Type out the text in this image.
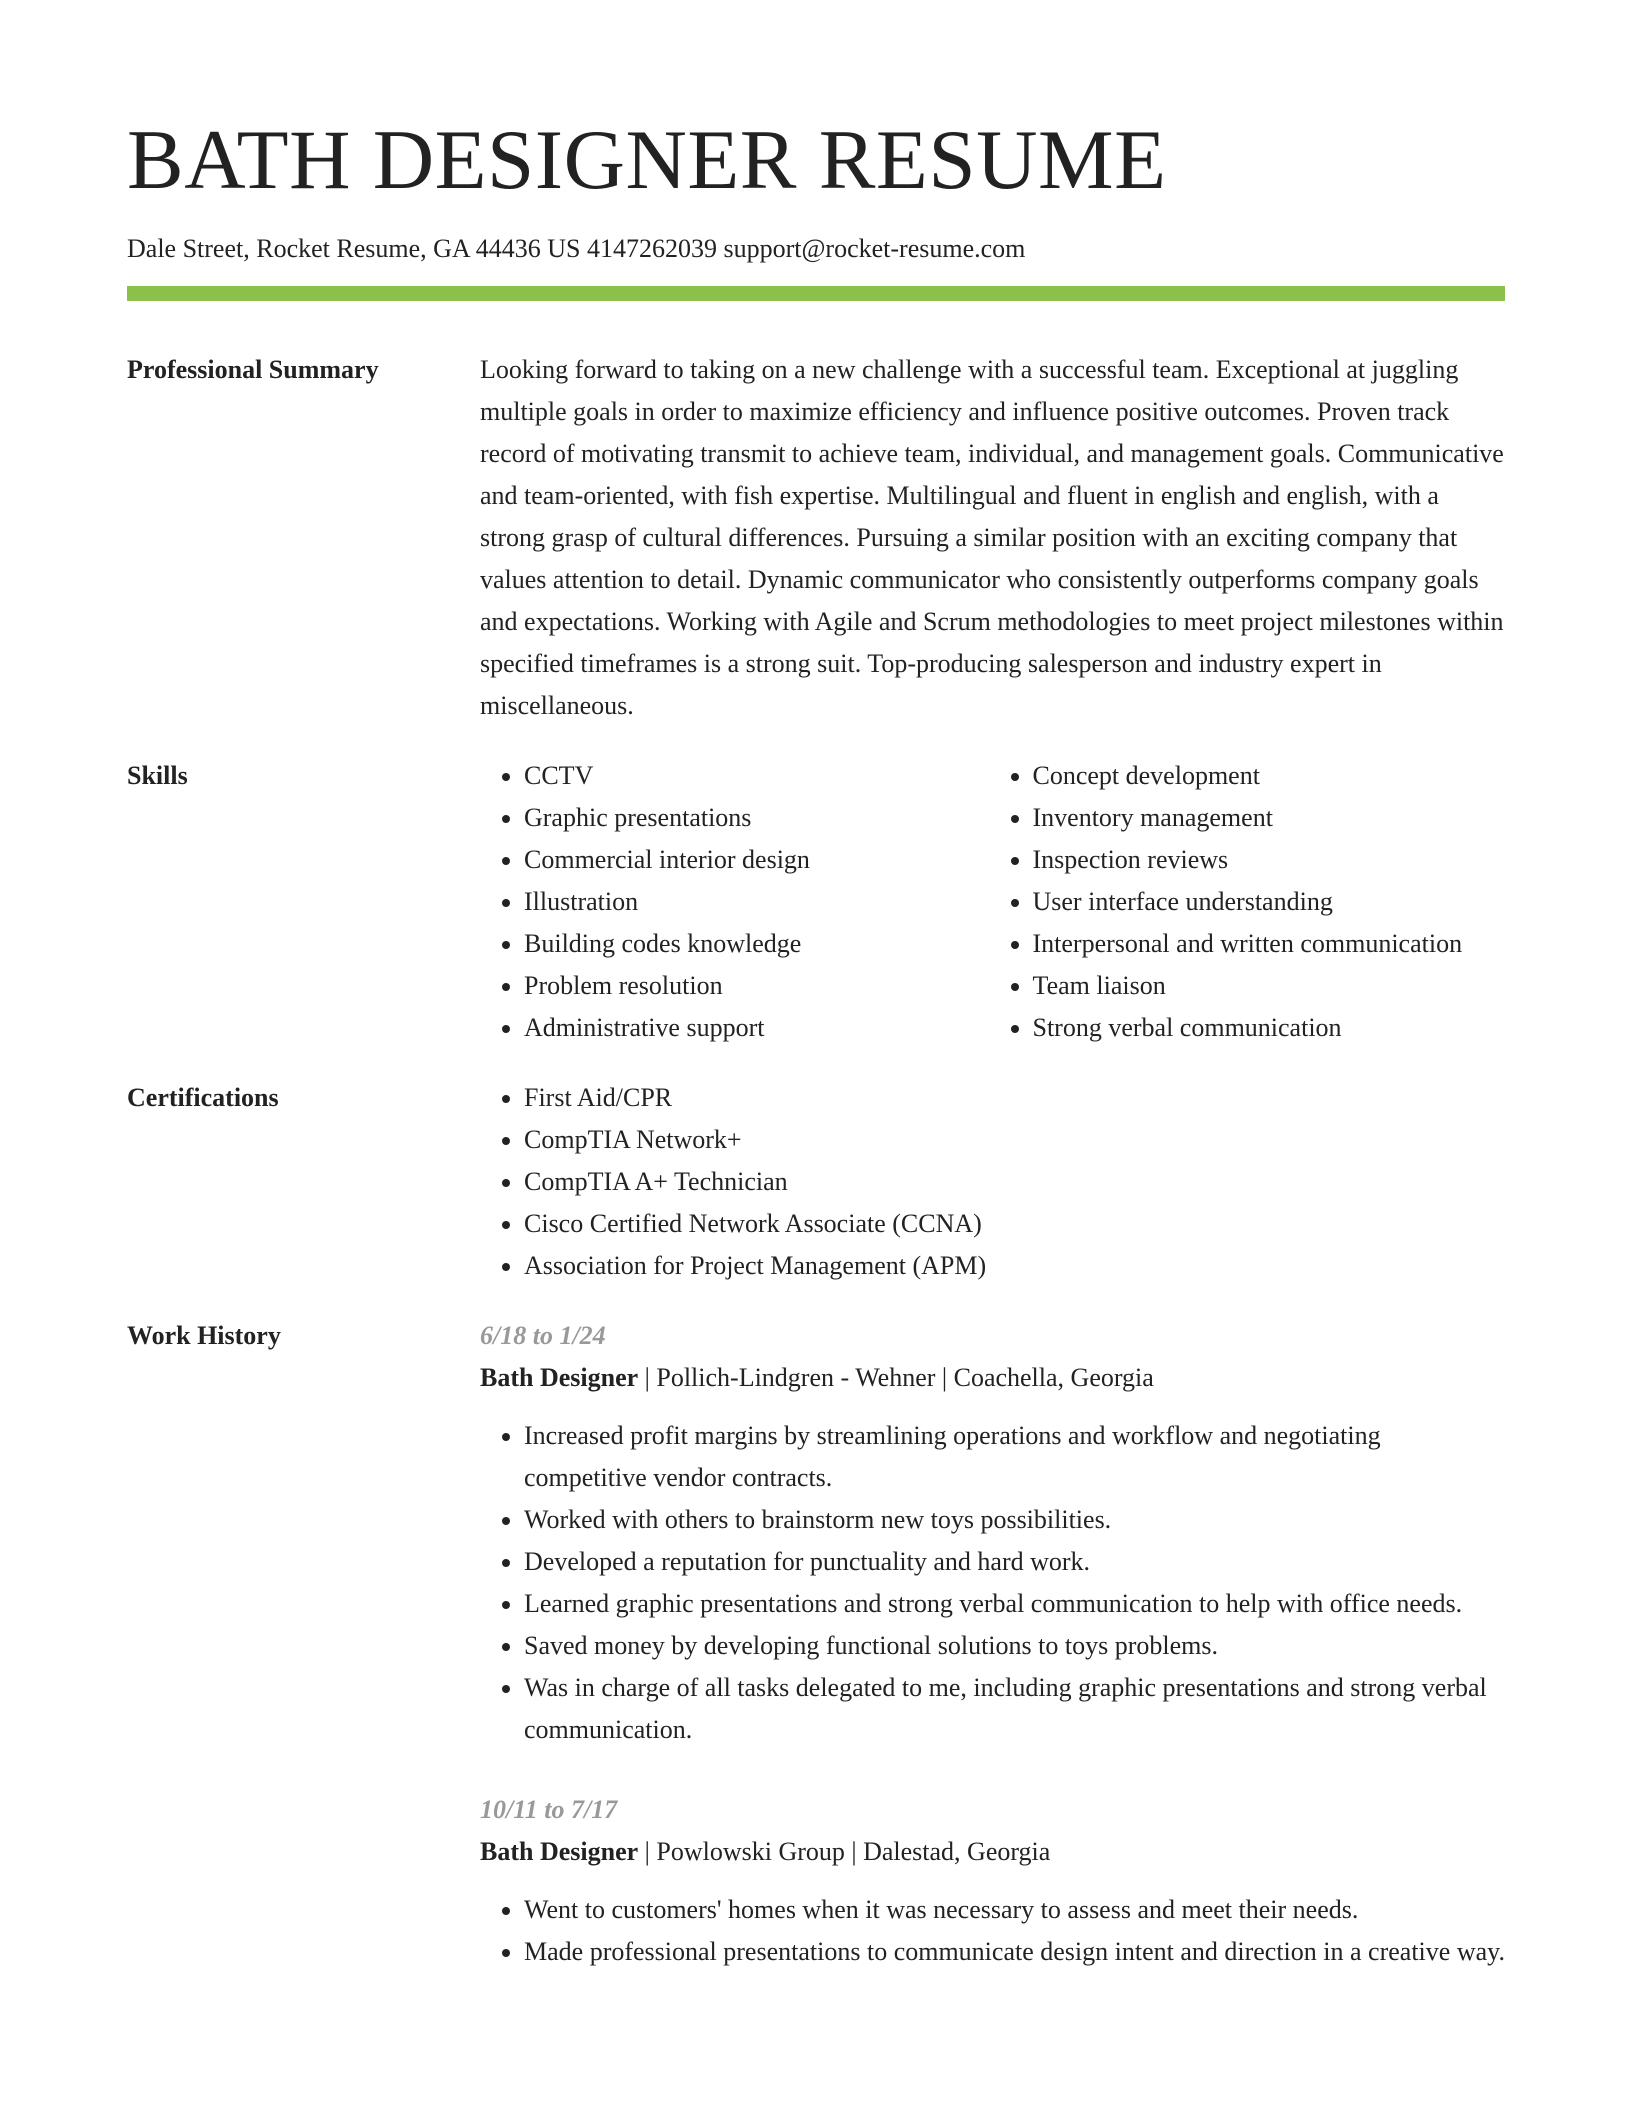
BATH DESIGNER RESUME
Dale Street, Rocket Resume, GA 44436 US 4147262039 support@rocket-resume.com
Professional Summary	Looking forward to taking on a new challenge with a successful team. Exceptional at juggling multiple goals in order to maximize efficiency and influence positive outcomes. Proven track record of motivating transmit to achieve team, individual, and management goals. Communicative and team-oriented, with fish expertise. Multilingual and fluent in english and english, with a strong grasp of cultural differences. Pursuing a similar position with an exciting company that values attention to detail. Dynamic communicator who consistently outperforms company goals and expectations. Working with Agile and Scrum methodologies to meet project milestones within specified timeframes is a strong suit. Top-producing salesperson and industry expert in miscellaneous.

Skills	• CCTV
• Graphic presentations
• Commercial interior design
• Illustration
• Building codes knowledge
• Problem resolution
• Administrative support
• Concept development
• Inventory management
• Inspection reviews
• User interface understanding
• Interpersonal and written communication
• Team liaison
• Strong verbal communication
Certifications	• First Aid/CPR
• CompTIA Network+
• CompTIA A+ Technician
• Cisco Certified Network Associate (CCNA)
• Association for Project Management (APM)
Work History	6/18 to 1/24
Bath Designer | Pollich-Lindgren - Wehner | Coachella, Georgia
• Increased profit margins by streamlining operations and workflow and negotiating competitive vendor contracts.
• Worked with others to brainstorm new toys possibilities.
• Developed a reputation for punctuality and hard work.
• Learned graphic presentations and strong verbal communication to help with office needs.
• Saved money by developing functional solutions to toys problems.
• Was in charge of all tasks delegated to me, including graphic presentations and strong verbal communication.
10/11 to 7/17
Bath Designer | Powlowski Group | Dalestad, Georgia
• Went to customers' homes when it was necessary to assess and meet their needs.
• Made professional presentations to communicate design intent and direction in a creative way.
